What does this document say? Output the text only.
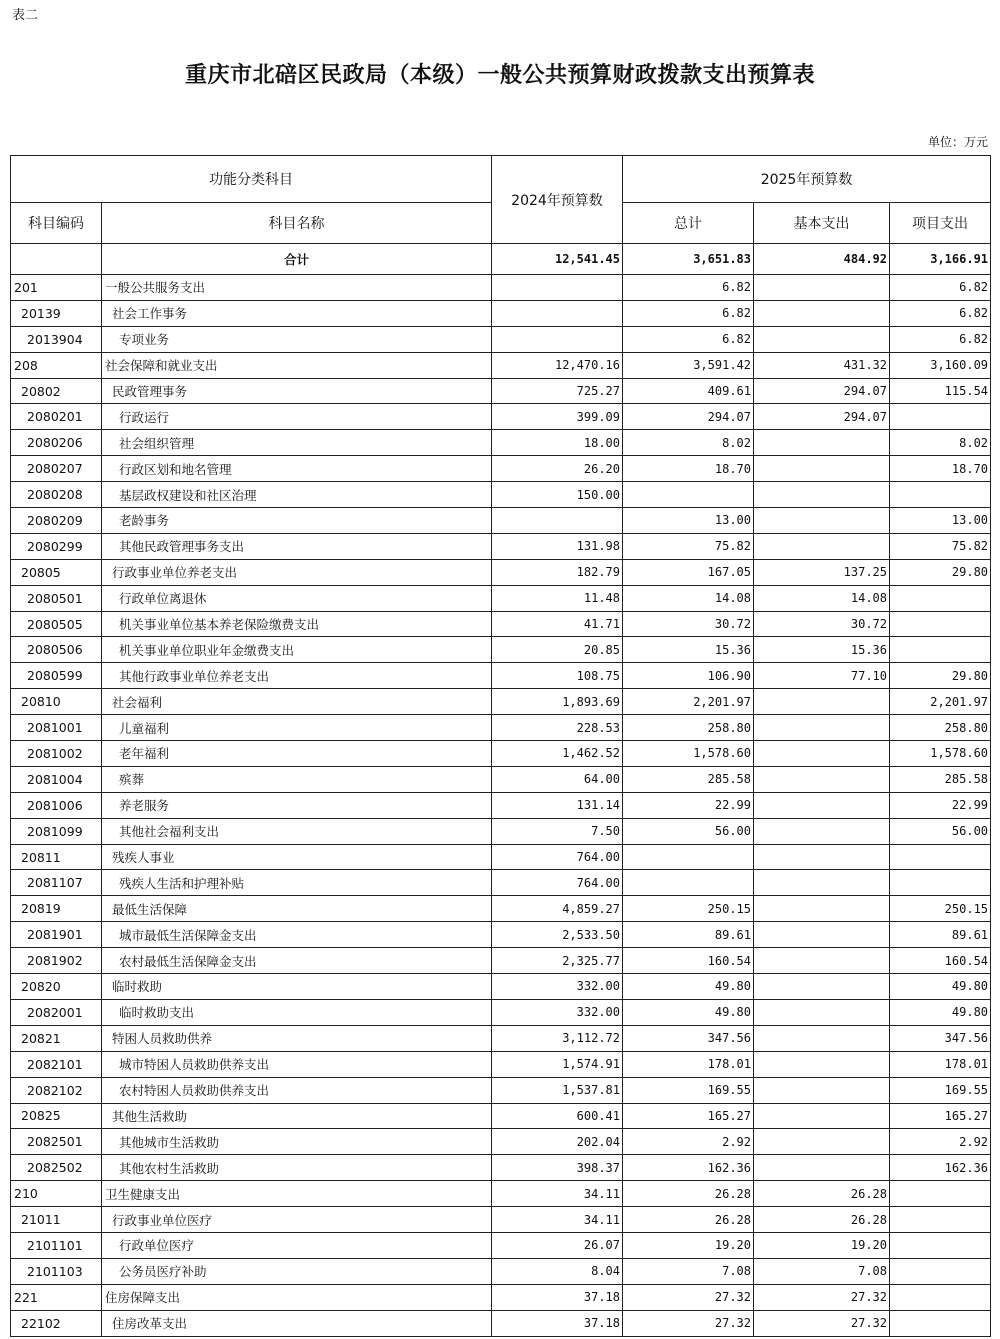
表二
重庆市北碚区民政局（本级）一般公共预算财政拨款支出预算表
单位：万元
功能分类科目		2024年预算数	2025年预算数		
科目编码	科目名称		总计	基本支出	项目支出
	合计	12,541.45	3,651.83	484.92	3,166.91
201	一般公共服务支出		6.82		6.82
20139	社会工作事务		6.82		6.82
2013904	专项业务		6.82		6.82
208	社会保障和就业支出	12,470.16	3,591.42	431.32	3,160.09
20802	民政管理事务	725.27	409.61	294.07	115.54
2080201	行政运行	399.09	294.07	294.07	
2080206	社会组织管理	18.00	8.02		8.02
2080207	行政区划和地名管理	26.20	18.70		18.70
2080208	基层政权建设和社区治理	150.00			
2080209	老龄事务		13.00		13.00
2080299	其他民政管理事务支出	131.98	75.82		75.82
20805	行政事业单位养老支出	182.79	167.05	137.25	29.80
2080501	行政单位离退休	11.48	14.08	14.08	
2080505	机关事业单位基本养老保险缴费支出	41.71	30.72	30.72	
2080506	机关事业单位职业年金缴费支出	20.85	15.36	15.36	
2080599	其他行政事业单位养老支出	108.75	106.90	77.10	29.80
20810	社会福利	1,893.69	2,201.97		2,201.97
2081001	儿童福利	228.53	258.80		258.80
2081002	老年福利	1,462.52	1,578.60		1,578.60
2081004	殡葬	64.00	285.58		285.58
2081006	养老服务	131.14	22.99		22.99
2081099	其他社会福利支出	7.50	56.00		56.00
20811	残疾人事业	764.00			
2081107	残疾人生活和护理补贴	764.00			
20819	最低生活保障	4,859.27	250.15		250.15
2081901	城市最低生活保障金支出	2,533.50	89.61		89.61
2081902	农村最低生活保障金支出	2,325.77	160.54		160.54
20820	临时救助	332.00	49.80		49.80
2082001	临时救助支出	332.00	49.80		49.80
20821	特困人员救助供养	3,112.72	347.56		347.56
2082101	城市特困人员救助供养支出	1,574.91	178.01		178.01
2082102	农村特困人员救助供养支出	1,537.81	169.55		169.55
20825	其他生活救助	600.41	165.27		165.27
2082501	其他城市生活救助	202.04	2.92		2.92
2082502	其他农村生活救助	398.37	162.36		162.36
210	卫生健康支出	34.11	26.28	26.28	
21011	行政事业单位医疗	34.11	26.28	26.28	
2101101	行政单位医疗	26.07	19.20	19.20	
2101103	公务员医疗补助	8.04	7.08	7.08	
221	住房保障支出	37.18	27.32	27.32	
22102	住房改革支出	37.18	27.32	27.32	
